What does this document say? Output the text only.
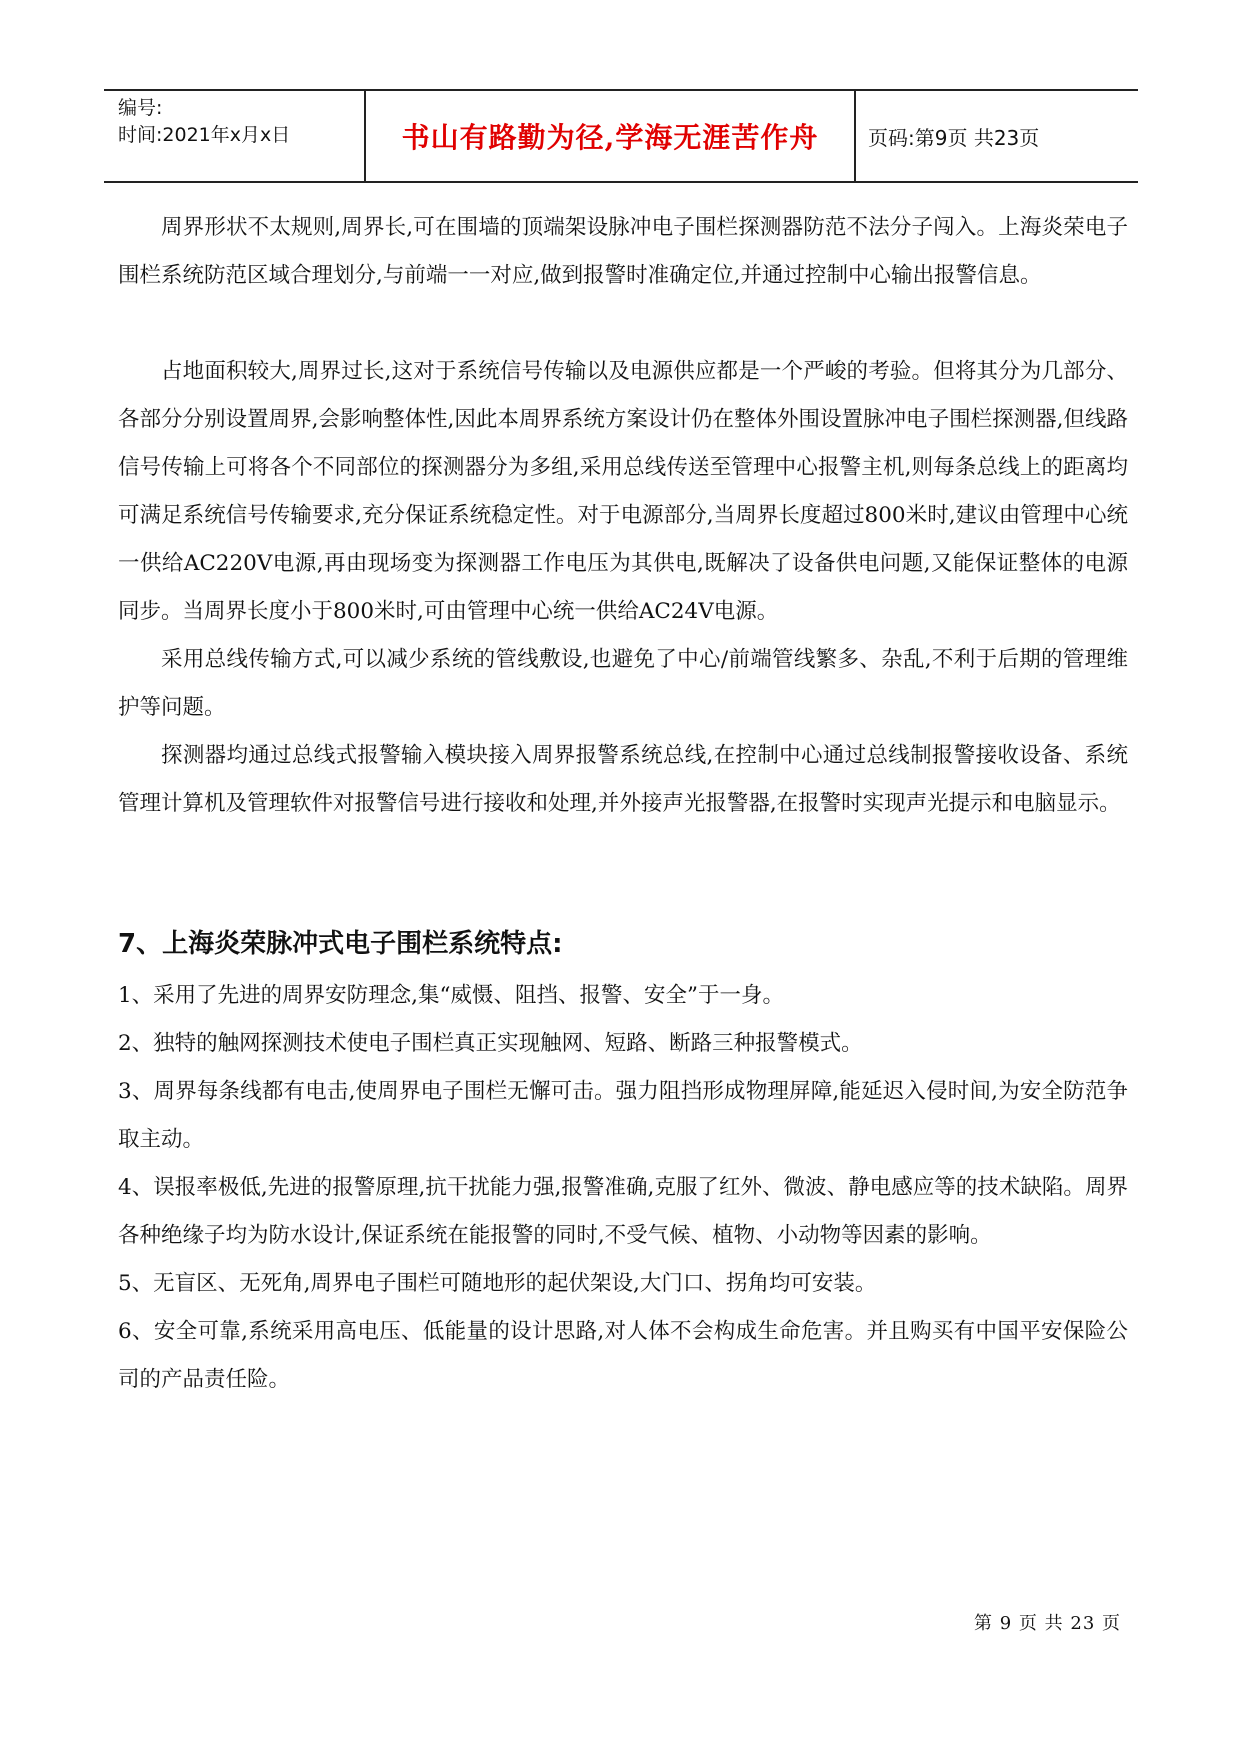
编号:
时间:2021年x月x日	书山有路勤为径,学海无涯苦作舟	页码:第9页 共23页

周界形状不太规则,周界长,可在围墙的顶端架设脉冲电子围栏探测器防范不法分子闯入。上海炎荣电子围栏系统防范区域合理划分,与前端一一对应,做到报警时准确定位,并通过控制中心输出报警信息。

占地面积较大,周界过长,这对于系统信号传输以及电源供应都是一个严峻的考验。但将其分为几部分、各部分分别设置周界,会影响整体性,因此本周界系统方案设计仍在整体外围设置脉冲电子围栏探测器,但线路信号传输上可将各个不同部位的探测器分为多组,采用总线传送至管理中心报警主机,则每条总线上的距离均可满足系统信号传输要求,充分保证系统稳定性。对于电源部分,当周界长度超过800米时,建议由管理中心统一供给AC220V电源,再由现场变为探测器工作电压为其供电,既解决了设备供电问题,又能保证整体的电源同步。当周界长度小于800米时,可由管理中心统一供给AC24V电源。

采用总线传输方式,可以减少系统的管线敷设,也避免了中心/前端管线繁多、杂乱,不利于后期的管理维护等问题。

探测器均通过总线式报警输入模块接入周界报警系统总线,在控制中心通过总线制报警接收设备、系统管理计算机及管理软件对报警信号进行接收和处理,并外接声光报警器,在报警时实现声光提示和电脑显示。

7、上海炎荣脉冲式电子围栏系统特点:

1、采用了先进的周界安防理念,集“威慑、阻挡、报警、安全”于一身。

2、独特的触网探测技术使电子围栏真正实现触网、短路、断路三种报警模式。

3、周界每条线都有电击,使周界电子围栏无懈可击。强力阻挡形成物理屏障,能延迟入侵时间,为安全防范争取主动。

4、误报率极低,先进的报警原理,抗干扰能力强,报警准确,克服了红外、微波、静电感应等的技术缺陷。周界各种绝缘子均为防水设计,保证系统在能报警的同时,不受气候、植物、小动物等因素的影响。

5、无盲区、无死角,周界电子围栏可随地形的起伏架设,大门口、拐角均可安装。

6、安全可靠,系统采用高电压、低能量的设计思路,对人体不会构成生命危害。并且购买有中国平安保险公司的产品责任险。

第 9 页 共 23 页
